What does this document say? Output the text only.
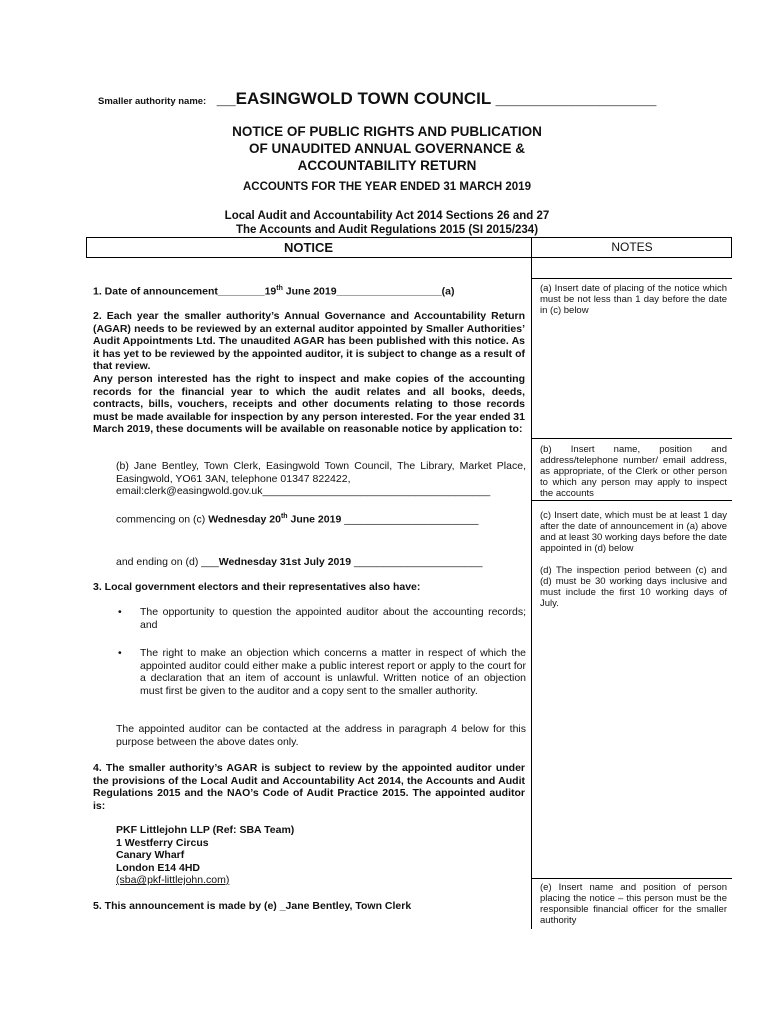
Smaller authority name: __EASINGWOLD TOWN COUNCIL _________________
NOTICE OF PUBLIC RIGHTS AND PUBLICATION
OF UNAUDITED ANNUAL GOVERNANCE &
ACCOUNTABILITY RETURN
ACCOUNTS FOR THE YEAR ENDED 31 MARCH 2019
Local Audit and Accountability Act 2014 Sections 26 and 27
The Accounts and Audit Regulations 2015 (SI 2015/234)
NOTICE	NOTES
1. Date of announcement________19th June 2019__________________(a)
2. Each year the smaller authority’s Annual Governance and Accountability Return (AGAR) needs to be reviewed by an external auditor appointed by Smaller Authorities’ Audit Appointments Ltd. The unaudited AGAR has been published with this notice. As it has yet to be reviewed by the appointed auditor, it is subject to change as a result of that review.
Any person interested has the right to inspect and make copies of the accounting records for the financial year to which the audit relates and all books, deeds, contracts, bills, vouchers, receipts and other documents relating to those records must be made available for inspection by any person interested. For the year ended 31 March 2019, these documents will be available on reasonable notice by application to:
(b) Jane Bentley, Town Clerk, Easingwold Town Council, The Library, Market Place, Easingwold, YO61 3AN, telephone 01347 822422,
email:clerk@easingwold.gov.uk_______________________________________
commencing on (c) Wednesday 20th June 2019 _______________________
and ending on (d) ___Wednesday 31st July 2019 ______________________
3. Local government electors and their representatives also have:
• The opportunity to question the appointed auditor about the accounting records; and
• The right to make an objection which concerns a matter in respect of which the appointed auditor could either make a public interest report or apply to the court for a declaration that an item of account is unlawful. Written notice of an objection must first be given to the auditor and a copy sent to the smaller authority.
The appointed auditor can be contacted at the address in paragraph 4 below for this purpose between the above dates only.
4. The smaller authority’s AGAR is subject to review by the appointed auditor under the provisions of the Local Audit and Accountability Act 2014, the Accounts and Audit Regulations 2015 and the NAO’s Code of Audit Practice 2015. The appointed auditor is:
PKF Littlejohn LLP (Ref: SBA Team)
1 Westferry Circus
Canary Wharf
London E14 4HD
(sba@pkf-littlejohn.com)
5. This announcement is made by (e) _Jane Bentley, Town Clerk
(a) Insert date of placing of the notice which must be not less than 1 day before the date in (c) below
(b) Insert name, position and address/telephone number/ email address, as appropriate, of the Clerk or other person to which any person may apply to inspect the accounts
(c) Insert date, which must be at least 1 day after the date of announcement in (a) above and at least 30 working days before the date appointed in (d) below
(d) The inspection period between (c) and (d) must be 30 working days inclusive and must include the first 10 working days of July.
(e) Insert name and position of person placing the notice – this person must be the responsible financial officer for the smaller authority
